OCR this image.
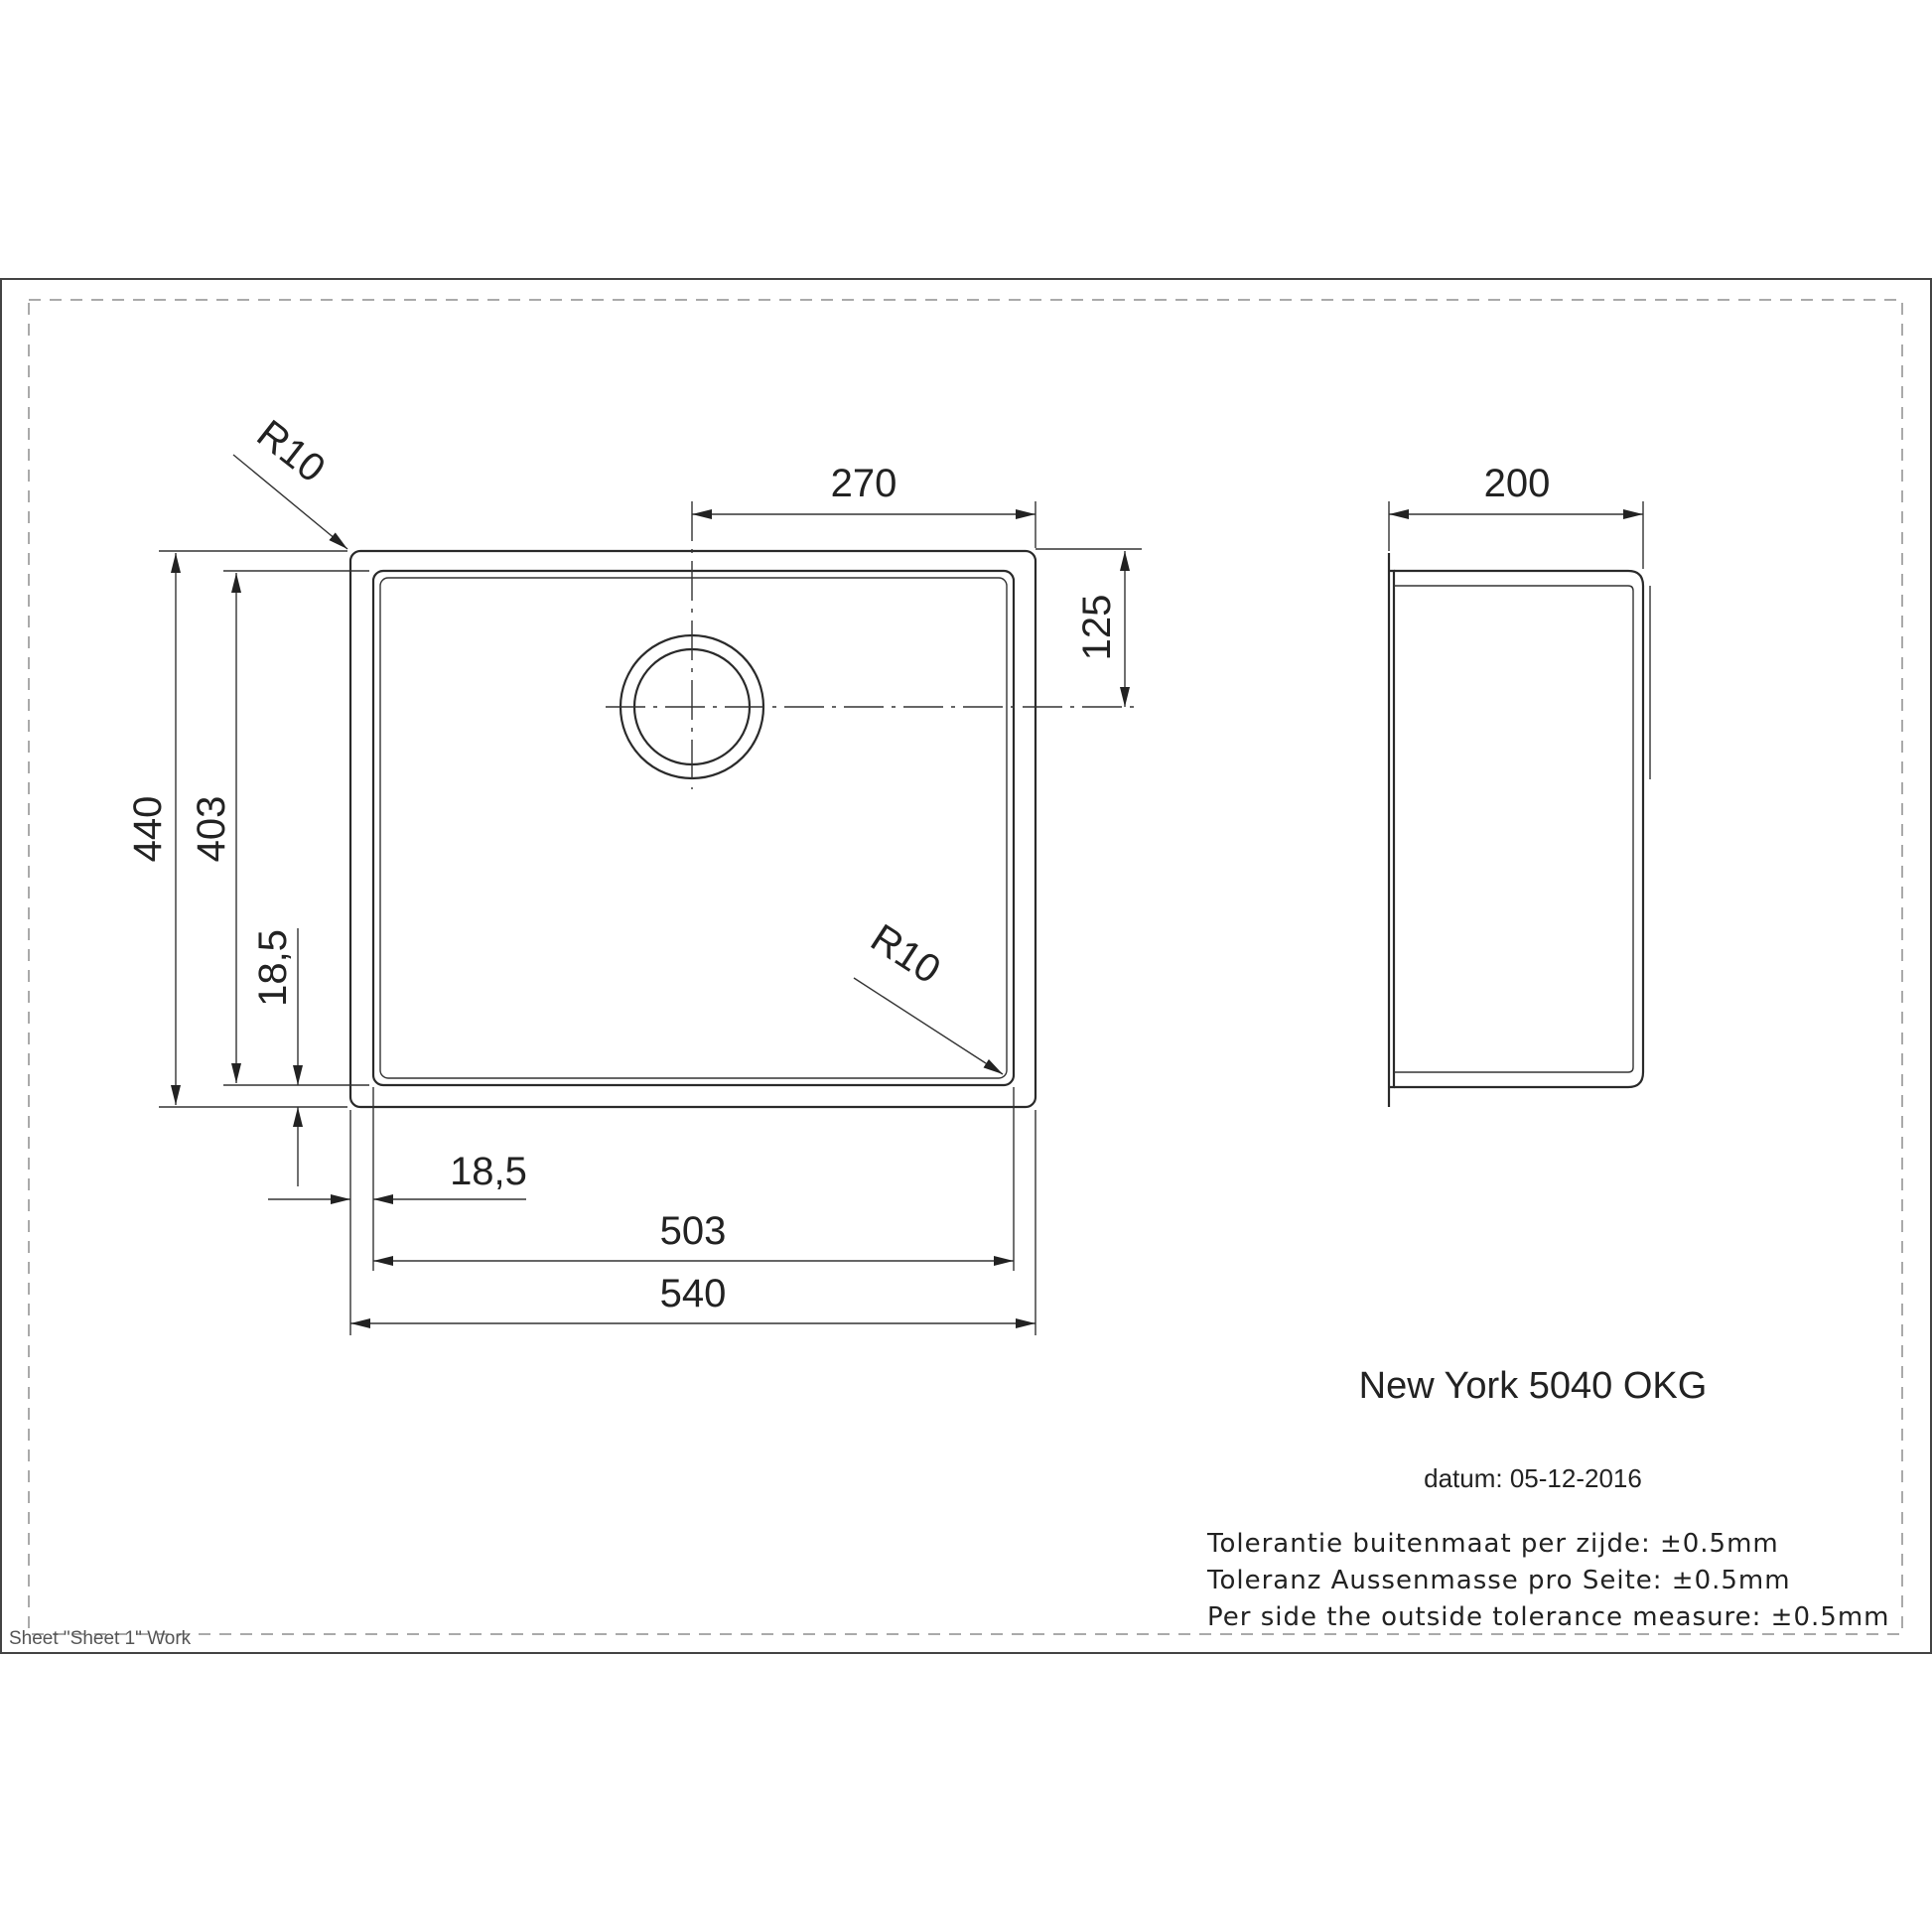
270
125
440 403
18,5
18,5
503
540
R10
R10
200
New York 5040 OKG
datum: 05-12-2016
Tolerantie buitenmaat per zijde: ±0.5mm
Toleranz Aussenmasse pro Seite: ±0.5mm
Per side the outside tolerance measure: ±0.5mm
Sheet "Sheet 1" Work
